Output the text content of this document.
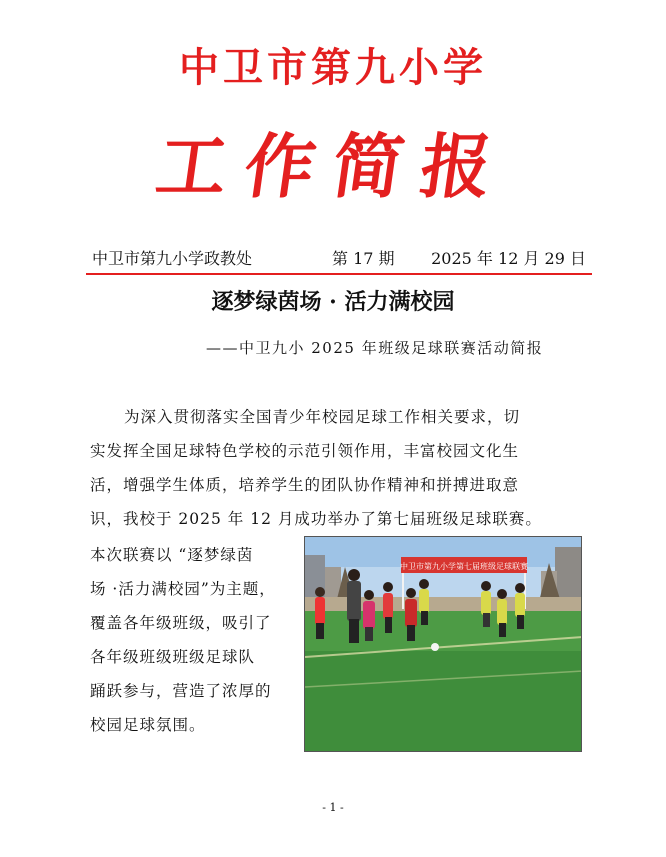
中卫市第九小学
工作简报
中卫市第九小学政教处	第 17 期 2025 年 12 月 29 日
逐梦绿茵场 · 活力满校园
——中卫九小 2025 年班级足球联赛活动简报
为深入贯彻落实全国青少年校园足球工作相关要求，切
实发挥全国足球特色学校的示范引领作用，丰富校园文化生
活，增强学生体质，培养学生的团队协作精神和拼搏进取意
识，我校于 2025 年 12 月成功举办了第七届班级足球联赛。
本次联赛以 “逐梦绿茵
场 ·活力满校园”为主题，
覆盖各年级班级，吸引了
各年级班级班级足球队
踊跃参与，营造了浓厚的
校园足球氛围。
中卫市第九小学第七届班级足球联赛
- 1 -
